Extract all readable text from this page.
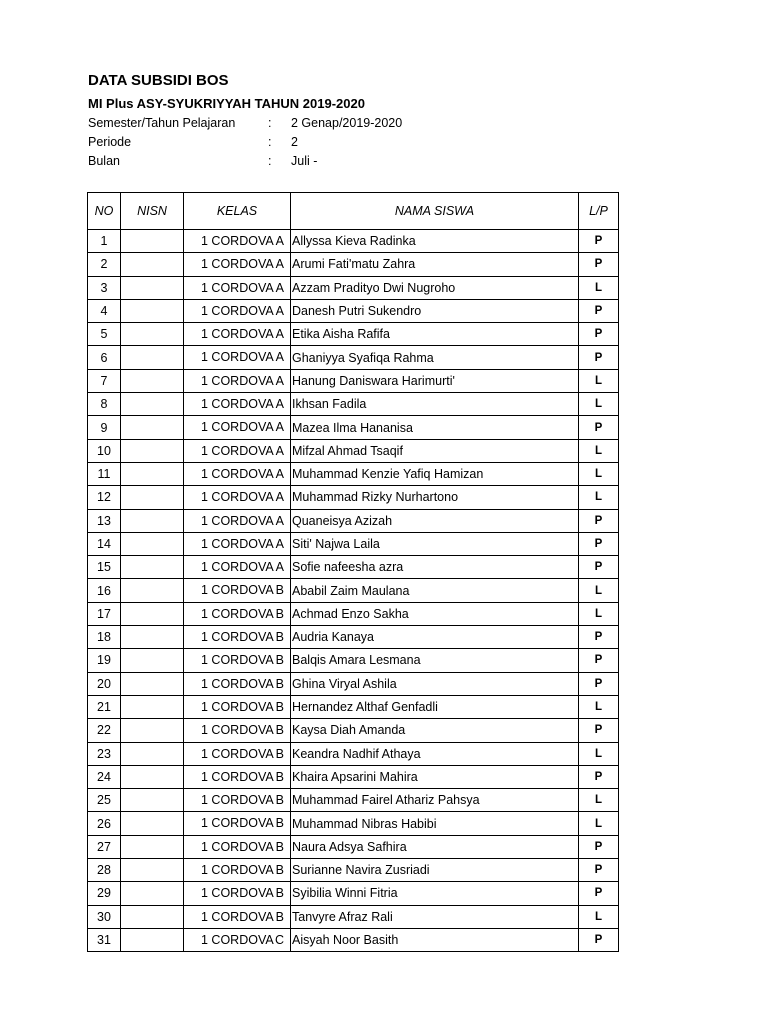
DATA SUBSIDI BOS
MI Plus ASY-SYUKRIYYAH TAHUN 2019-2020
Semester/Tahun Pelajaran	:	2 Genap/2019-2020
Periode	:	2
Bulan	:	Juli -
NO	NISN	KELAS	NAMA SISWA	L/P
1		1 CORDOVA A	Allyssa Kieva Radinka	P
2		1 CORDOVA A	Arumi Fati'matu Zahra	P
3		1 CORDOVA A	Azzam Pradityo Dwi Nugroho	L
4		1 CORDOVA A	Danesh Putri Sukendro	P
5		1 CORDOVA A	Etika Aisha Rafifa	P
6		1 CORDOVA A	Ghaniyya Syafiqa Rahma	P
7		1 CORDOVA A	Hanung Daniswara Harimurti'	L
8		1 CORDOVA A	Ikhsan Fadila	L
9		1 CORDOVA A	Mazea Ilma Hananisa	P
10		1 CORDOVA A	Mifzal Ahmad Tsaqif	L
11		1 CORDOVA A	Muhammad Kenzie Yafiq Hamizan	L
12		1 CORDOVA A	Muhammad Rizky Nurhartono	L
13		1 CORDOVA A	Quaneisya Azizah	P
14		1 CORDOVA A	Siti' Najwa Laila	P
15		1 CORDOVA A	Sofie nafeesha azra	P
16		1 CORDOVA B	Ababil Zaim Maulana	L
17		1 CORDOVA B	Achmad Enzo Sakha	L
18		1 CORDOVA B	Audria Kanaya	P
19		1 CORDOVA B	Balqis Amara Lesmana	P
20		1 CORDOVA B	Ghina Viryal Ashila	P
21		1 CORDOVA B	Hernandez Althaf Genfadli	L
22		1 CORDOVA B	Kaysa Diah Amanda	P
23		1 CORDOVA B	Keandra Nadhif Athaya	L
24		1 CORDOVA B	Khaira Apsarini Mahira	P
25		1 CORDOVA B	Muhammad Fairel Athariz Pahsya	L
26		1 CORDOVA B	Muhammad Nibras Habibi	L
27		1 CORDOVA B	Naura Adsya Safhira	P
28		1 CORDOVA B	Surianne Navira Zusriadi	P
29		1 CORDOVA B	Syibilia Winni Fitria	P
30		1 CORDOVA B	Tanvyre Afraz Rali	L
31		1 CORDOVA C	Aisyah Noor Basith	P
